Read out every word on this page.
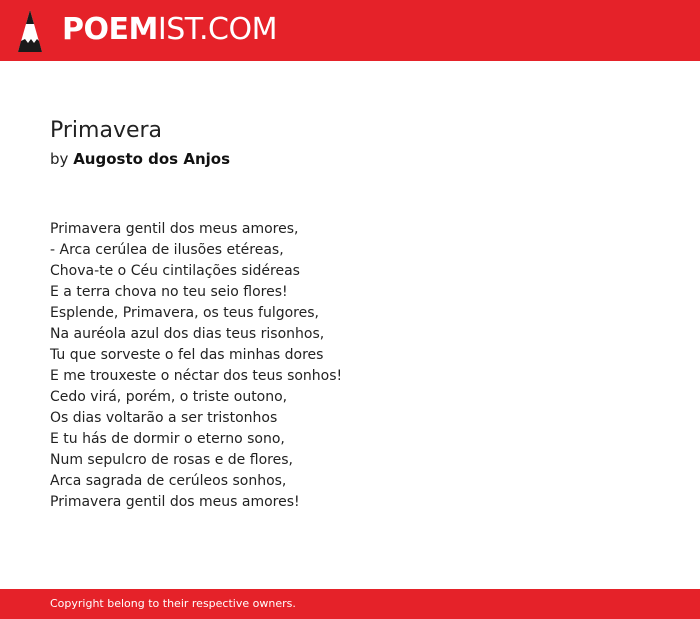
POEMIST.COM
Primavera
by Augosto dos Anjos
Primavera gentil dos meus amores,
- Arca cerúlea de ilusões etéreas,
Chova-te o Céu cintilações sidéreas
E a terra chova no teu seio flores!
Esplende, Primavera, os teus fulgores,
Na auréola azul dos dias teus risonhos,
Tu que sorveste o fel das minhas dores
E me trouxeste o néctar dos teus sonhos!
Cedo virá, porém, o triste outono,
Os dias voltarão a ser tristonhos
E tu hás de dormir o eterno sono,
Num sepulcro de rosas e de flores,
Arca sagrada de cerúleos sonhos,
Primavera gentil dos meus amores!
Copyright belong to their respective owners.
